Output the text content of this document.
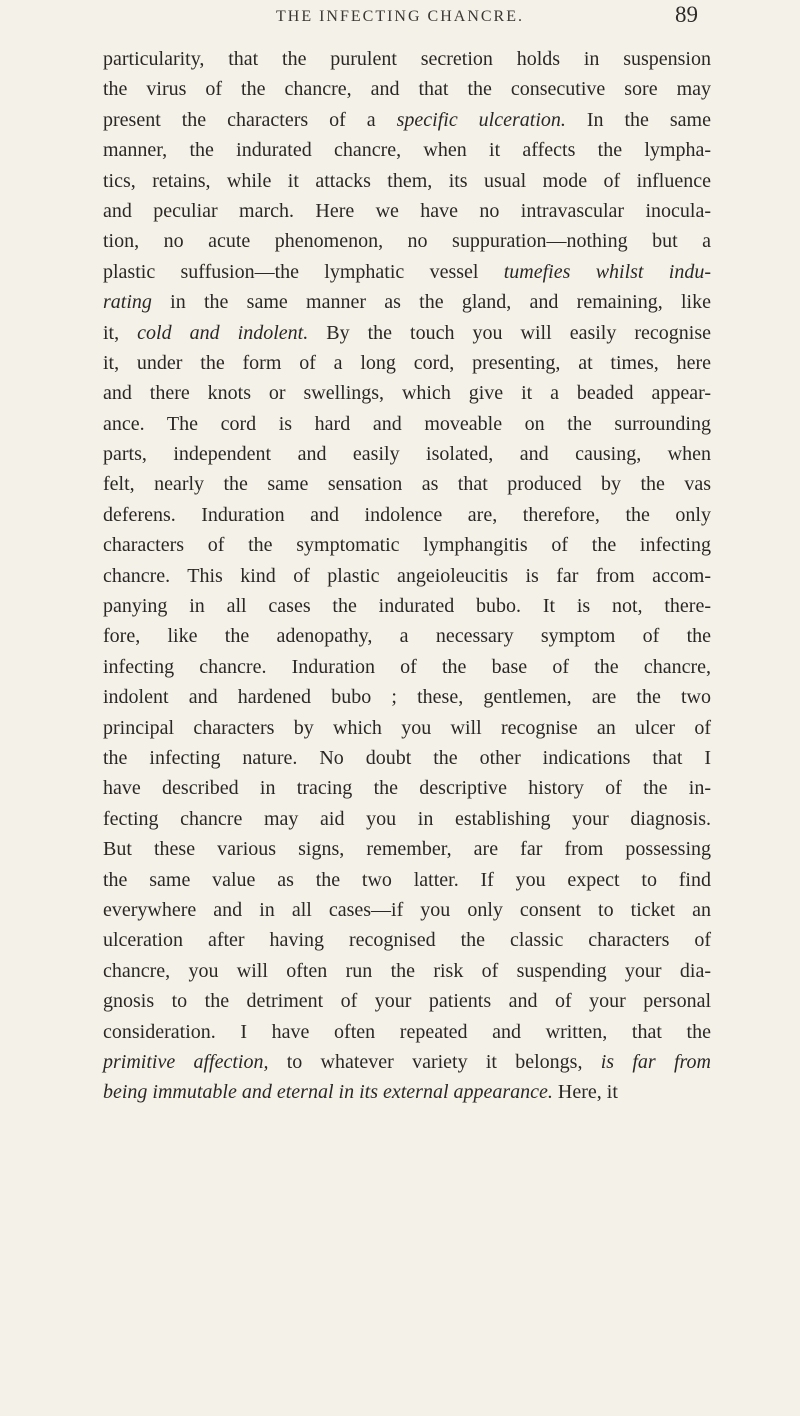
THE INFECTING CHANCRE.	89
particularity, that the purulent secretion holds in suspension
the virus of the chancre, and that the consecutive sore may
present the characters of a specific ulceration. In the same
manner, the indurated chancre, when it affects the lympha-
tics, retains, while it attacks them, its usual mode of influence
and peculiar march. Here we have no intravascular inocula-
tion, no acute phenomenon, no suppuration—nothing but a
plastic suffusion—the lymphatic vessel tumefies whilst indu-
rating in the same manner as the gland, and remaining, like
it, cold and indolent. By the touch you will easily recognise
it, under the form of a long cord, presenting, at times, here
and there knots or swellings, which give it a beaded appear-
ance. The cord is hard and moveable on the surrounding
parts, independent and easily isolated, and causing, when
felt, nearly the same sensation as that produced by the vas
deferens. Induration and indolence are, therefore, the only
characters of the symptomatic lymphangitis of the infecting
chancre. This kind of plastic angeioleucitis is far from accom-
panying in all cases the indurated bubo. It is not, there-
fore, like the adenopathy, a necessary symptom of the
infecting chancre. Induration of the base of the chancre,
indolent and hardened bubo ; these, gentlemen, are the two
principal characters by which you will recognise an ulcer of
the infecting nature. No doubt the other indications that I
have described in tracing the descriptive history of the in-
fecting chancre may aid you in establishing your diagnosis.
But these various signs, remember, are far from possessing
the same value as the two latter. If you expect to find
everywhere and in all cases—if you only consent to ticket an
ulceration after having recognised the classic characters of
chancre, you will often run the risk of suspending your dia-
gnosis to the detriment of your patients and of your personal
consideration. I have often repeated and written, that the
primitive affection, to whatever variety it belongs, is far from
being immutable and eternal in its external appearance. Here, it
